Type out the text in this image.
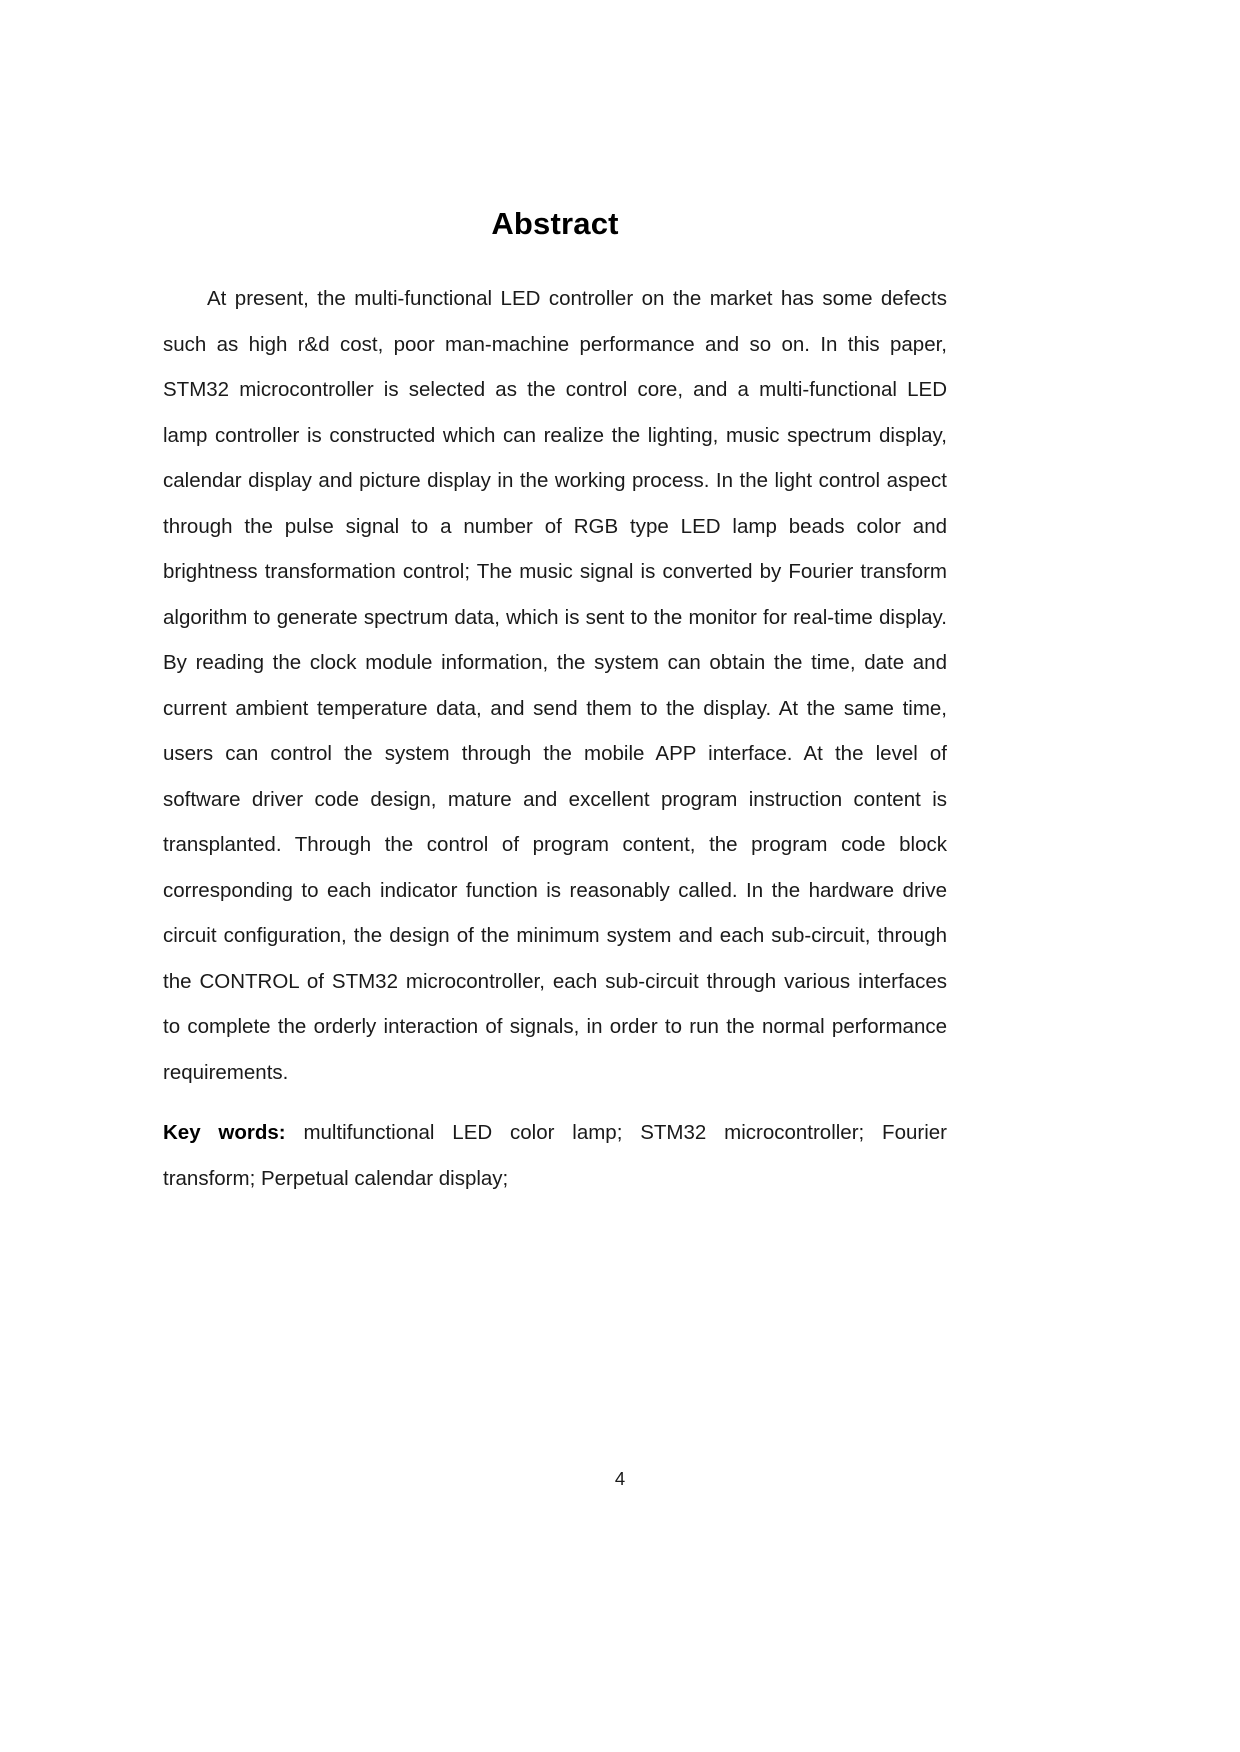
Abstract

At present, the multi-functional LED controller on the market has some defects such as high r&d cost, poor man-machine performance and so on. In this paper, STM32 microcontroller is selected as the control core, and a multi-functional LED lamp controller is constructed which can realize the lighting, music spectrum display, calendar display and picture display in the working process. In the light control aspect through the pulse signal to a number of RGB type LED lamp beads color and brightness transformation control; The music signal is converted by Fourier transform algorithm to generate spectrum data, which is sent to the monitor for real-time display. By reading the clock module information, the system can obtain the time, date and current ambient temperature data, and send them to the display. At the same time, users can control the system through the mobile APP interface. At the level of software driver code design, mature and excellent program instruction content is transplanted. Through the control of program content, the program code block corresponding to each indicator function is reasonably called. In the hardware drive circuit configuration, the design of the minimum system and each sub-circuit, through the CONTROL of STM32 microcontroller, each sub-circuit through various interfaces to complete the orderly interaction of signals, in order to run the normal performance requirements.

Key words: multifunctional LED color lamp; STM32 microcontroller; Fourier transform; Perpetual calendar display;

4
